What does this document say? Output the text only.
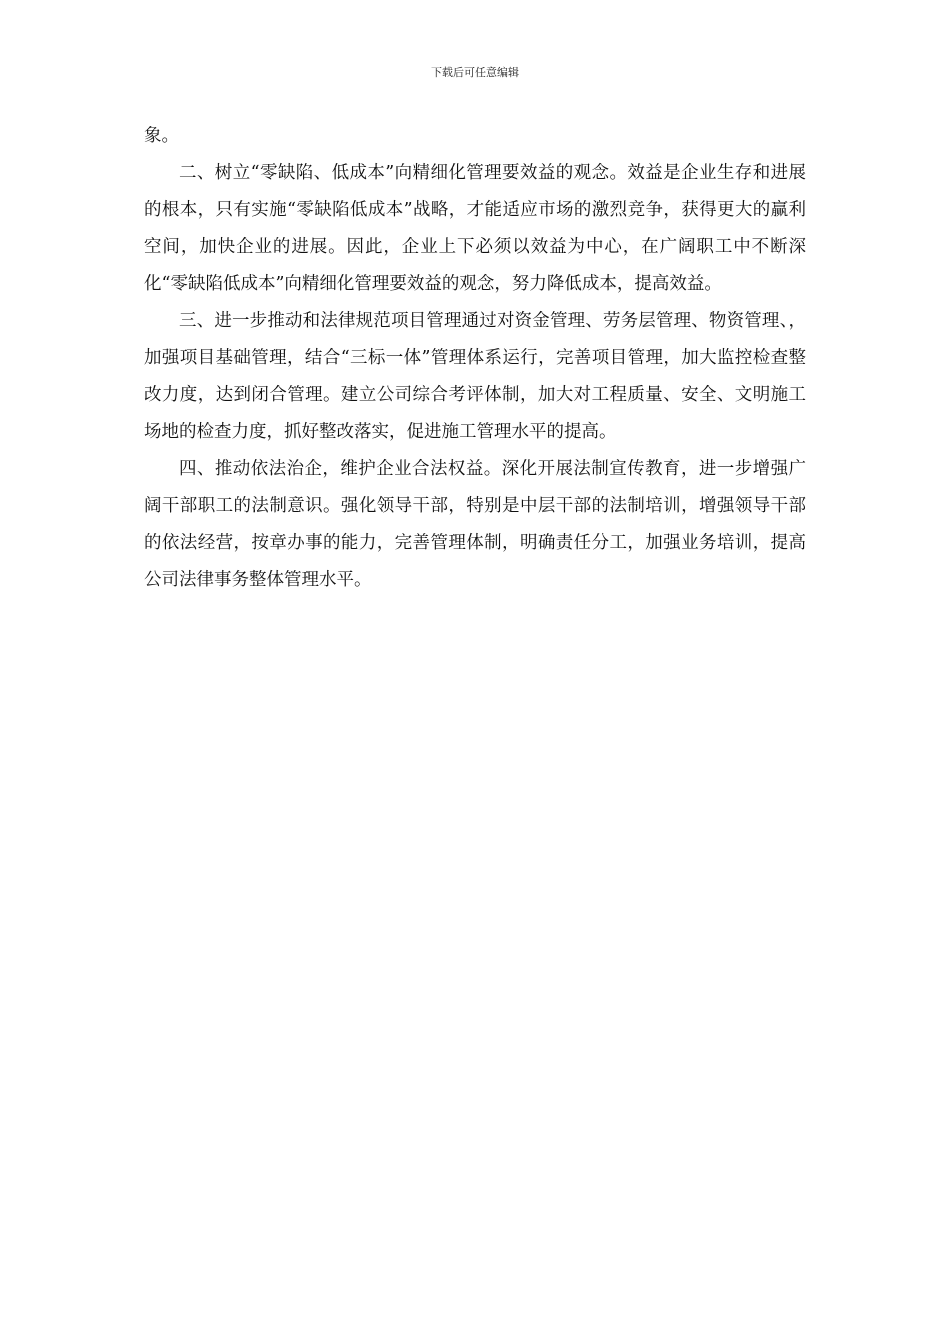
下载后可任意编辑

象。

二、树立“零缺陷、低成本”向精细化管理要效益的观念。效益是企业生存和进展的根本，只有实施“零缺陷低成本”战略，才能适应市场的激烈竞争，获得更大的赢利空间，加快企业的进展。因此，企业上下必须以效益为中心，在广阔职工中不断深化“零缺陷低成本”向精细化管理要效益的观念，努力降低成本，提高效益。

三、进一步推动和法律规范项目管理通过对资金管理、劳务层管理、物资管理、，加强项目基础管理，结合“三标一体”管理体系运行，完善项目管理，加大监控检查整改力度，达到闭合管理。建立公司综合考评体制，加大对工程质量、安全、文明施工场地的检查力度，抓好整改落实，促进施工管理水平的提高。

四、推动依法治企，维护企业合法权益。深化开展法制宣传教育，进一步增强广阔干部职工的法制意识。强化领导干部，特别是中层干部的法制培训，增强领导干部的依法经营，按章办事的能力，完善管理体制，明确责任分工，加强业务培训，提高公司法律事务整体管理水平。
